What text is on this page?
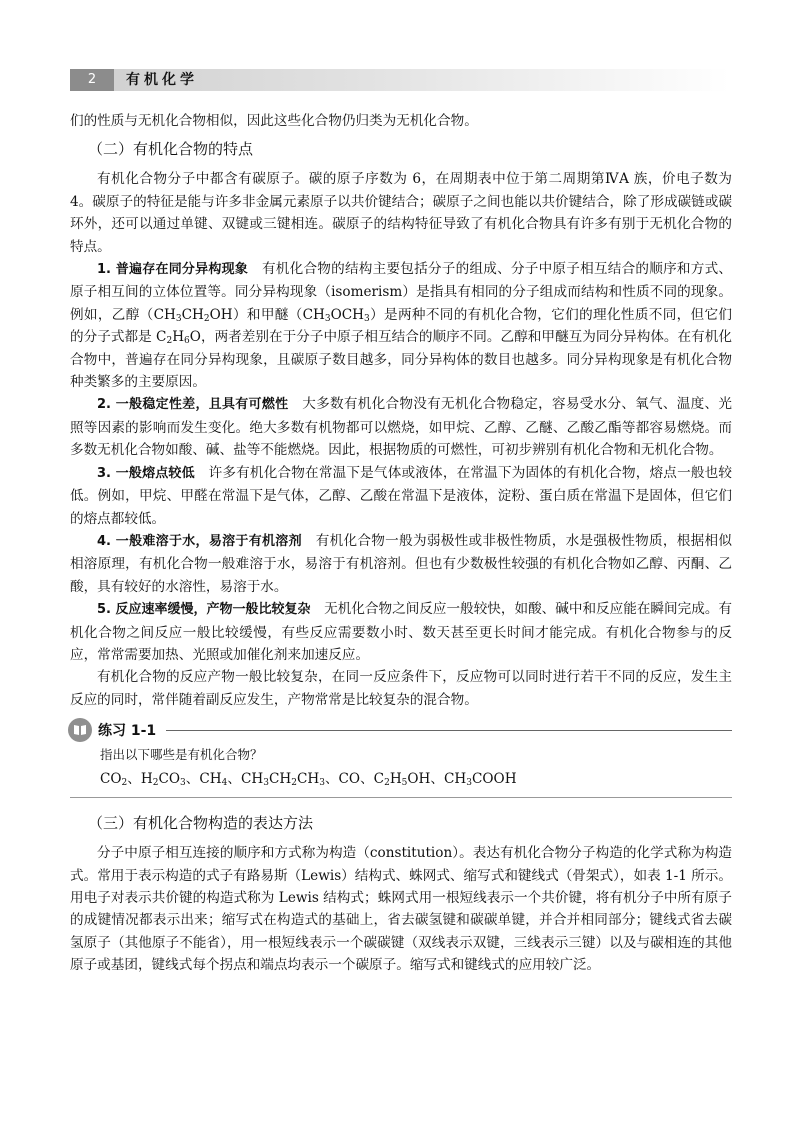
2	有机化学

们的性质与无机化合物相似，因此这些化合物仍归类为无机化合物。

（二）有机化合物的特点

有机化合物分子中都含有碳原子。碳的原子序数为 6，在周期表中位于第二周期第ⅣA 族，价电子数为 4。碳原子的特征是能与许多非金属元素原子以共价键结合；碳原子之间也能以共价键结合，除了形成碳链或碳环外，还可以通过单键、双键或三键相连。碳原子的结构特征导致了有机化合物具有许多有别于无机化合物的特点。

1. 普遍存在同分异构现象  有机化合物的结构主要包括分子的组成、分子中原子相互结合的顺序和方式、原子相互间的立体位置等。同分异构现象（isomerism）是指具有相同的分子组成而结构和性质不同的现象。例如，乙醇$(CH_3CH_2OH)$和甲醚$(CH_3OCH_3)$是两种不同的有机化合物，它们的理化性质不同，但它们的分子式都是 $C_2H_6O$，两者差别在于分子中原子相互结合的顺序不同。乙醇和甲醚互为同分异构体。在有机化合物中，普遍存在同分异构现象，且碳原子数目越多，同分异构体的数目也越多。同分异构现象是有机化合物种类繁多的主要原因。

2. 一般稳定性差，且具有可燃性  大多数有机化合物没有无机化合物稳定，容易受水分、氧气、温度、光照等因素的影响而发生变化。绝大多数有机物都可以燃烧，如甲烷、乙醇、乙醚、乙酸乙酯等都容易燃烧。而多数无机化合物如酸、碱、盐等不能燃烧。因此，根据物质的可燃性，可初步辨别有机化合物和无机化合物。

3. 一般熔点较低  许多有机化合物在常温下是气体或液体，在常温下为固体的有机化合物，熔点一般也较低。例如，甲烷、甲醛在常温下是气体，乙醇、乙酸在常温下是液体，淀粉、蛋白质在常温下是固体，但它们的熔点都较低。

4. 一般难溶于水，易溶于有机溶剂  有机化合物一般为弱极性或非极性物质，水是强极性物质，根据相似相溶原理，有机化合物一般难溶于水，易溶于有机溶剂。但也有少数极性较强的有机化合物如乙醇、丙酮、乙酸，具有较好的水溶性，易溶于水。

5. 反应速率缓慢，产物一般比较复杂  无机化合物之间反应一般较快，如酸、碱中和反应能在瞬间完成。有机化合物之间反应一般比较缓慢，有些反应需要数小时、数天甚至更长时间才能完成。有机化合物参与的反应，常常需要加热、光照或加催化剂来加速反应。

有机化合物的反应产物一般比较复杂，在同一反应条件下，反应物可以同时进行若干不同的反应，发生主反应的同时，常伴随着副反应发生，产物常常是比较复杂的混合物。

练习 1-1

指出以下哪些是有机化合物？

$CO_2$、$H_2CO_3$、$CH_4$、$CH_3CH_2CH_3$、CO、$C_2H_5OH$、$CH_3COOH$

（三）有机化合物构造的表达方法

分子中原子相互连接的顺序和方式称为构造（constitution）。表达有机化合物分子构造的化学式称为构造式。常用于表示构造的式子有路易斯（Lewis）结构式、蛛网式、缩写式和键线式（骨架式），如表 1-1 所示。用电子对表示共价键的构造式称为 Lewis 结构式；蛛网式用一根短线表示一个共价键，将有机分子中所有原子的成键情况都表示出来；缩写式在构造式的基础上，省去碳氢键和碳碳单键，并合并相同部分；键线式省去碳氢原子（其他原子不能省），用一根短线表示一个碳碳键（双线表示双键，三线表示三键）以及与碳相连的其他原子或基团，键线式每个拐点和端点均表示一个碳原子。缩写式和键线式的应用较广泛。
